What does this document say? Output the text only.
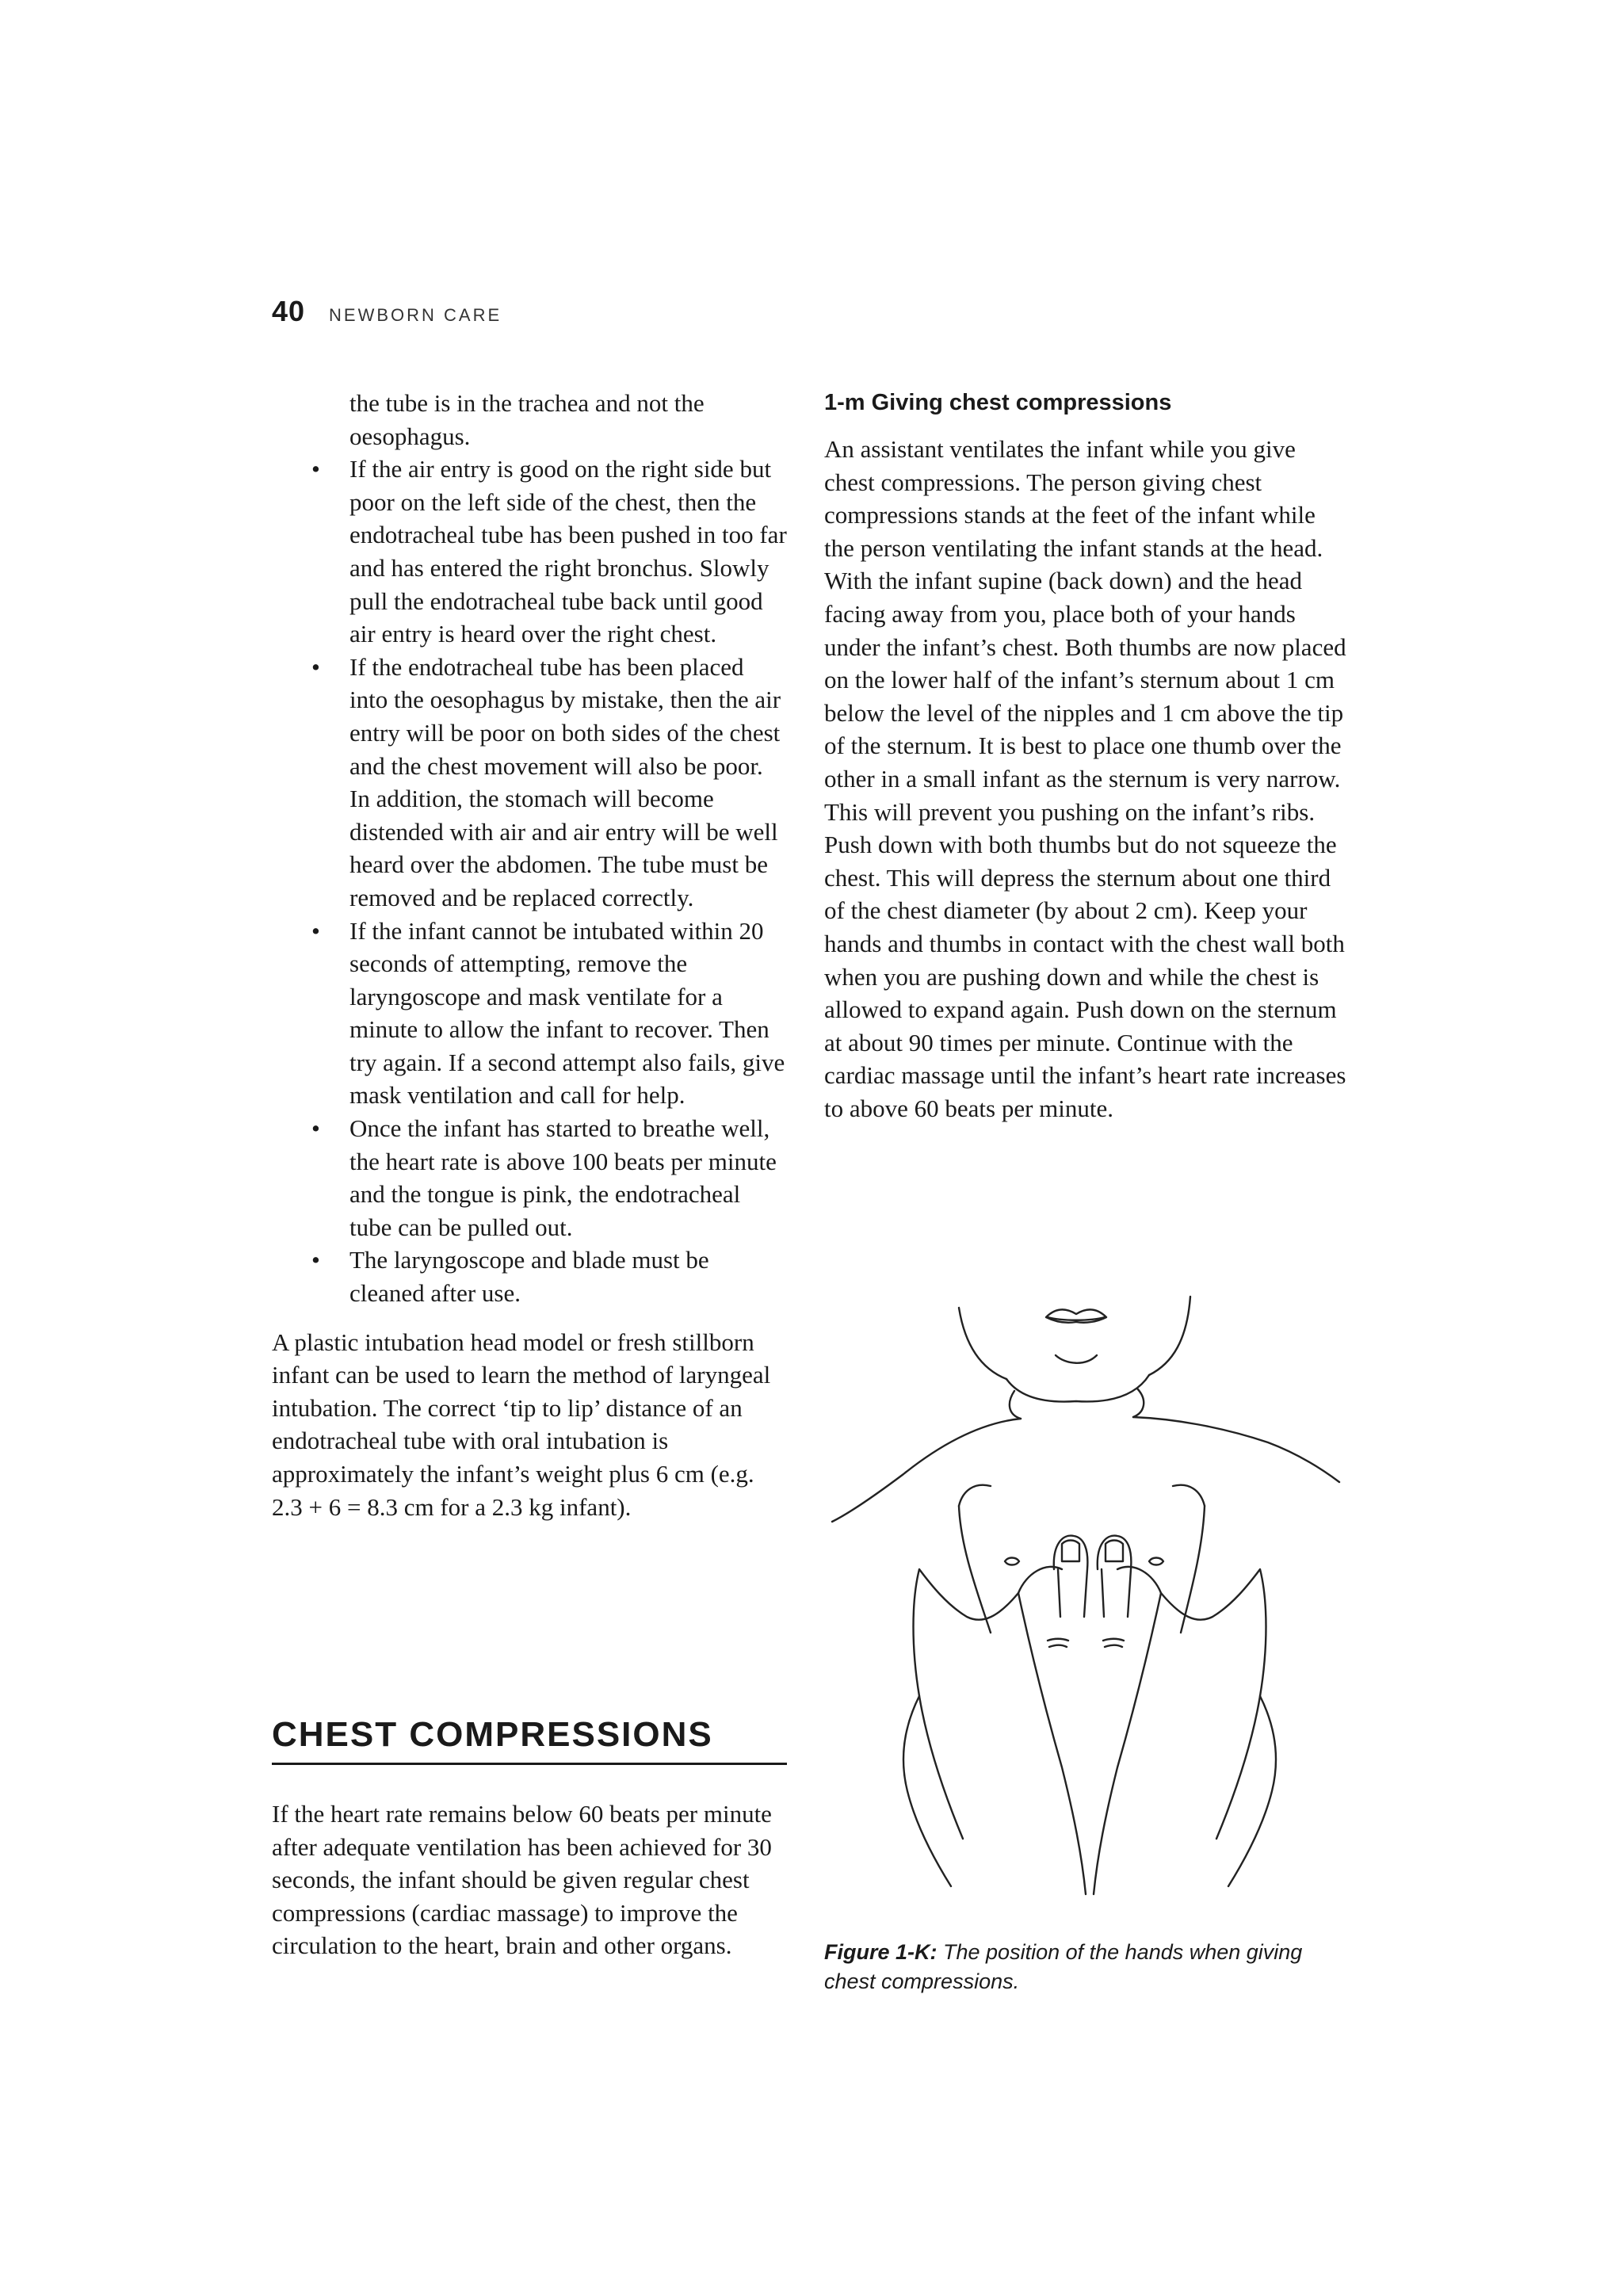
40 NEWBORN CARE

the tube is in the trachea and not the oesophagus.

• If the air entry is good on the right side but poor on the left side of the chest, then the endotracheal tube has been pushed in too far and has entered the right bronchus. Slowly pull the endotracheal tube back until good air entry is heard over the right chest.
• If the endotracheal tube has been placed into the oesophagus by mistake, then the air entry will be poor on both sides of the chest and the chest movement will also be poor. In addition, the stomach will become distended with air and air entry will be well heard over the abdomen. The tube must be removed and be replaced correctly.
• If the infant cannot be intubated within 20 seconds of attempting, remove the laryngoscope and mask ventilate for a minute to allow the infant to recover. Then try again. If a second attempt also fails, give mask ventilation and call for help.
• Once the infant has started to breathe well, the heart rate is above 100 beats per minute and the tongue is pink, the endotracheal tube can be pulled out.
• The laryngoscope and blade must be cleaned after use.

A plastic intubation head model or fresh stillborn infant can be used to learn the method of laryngeal intubation. The correct ‘tip to lip’ distance of an endotracheal tube with oral intubation is approximately the infant’s weight plus 6 cm (e.g. 2.3 + 6 = 8.3 cm for a 2.3 kg infant).

CHEST COMPRESSIONS

If the heart rate remains below 60 beats per minute after adequate ventilation has been achieved for 30 seconds, the infant should be given regular chest compressions (cardiac massage) to improve the circulation to the heart, brain and other organs.

1-m Giving chest compressions

An assistant ventilates the infant while you give chest compressions. The person giving chest compressions stands at the feet of the infant while the person ventilating the infant stands at the head. With the infant supine (back down) and the head facing away from you, place both of your hands under the infant’s chest. Both thumbs are now placed on the lower half of the infant’s sternum about 1 cm below the level of the nipples and 1 cm above the tip of the sternum. It is best to place one thumb over the other in a small infant as the sternum is very narrow. This will prevent you pushing on the infant’s ribs. Push down with both thumbs but do not squeeze the chest. This will depress the sternum about one third of the chest diameter (by about 2 cm). Keep your hands and thumbs in contact with the chest wall both when you are pushing down and while the chest is allowed to expand again. Push down on the sternum at about 90 times per minute. Continue with the cardiac massage until the infant’s heart rate increases to above 60 beats per minute.

Figure 1-K: The position of the hands when giving chest compressions.
